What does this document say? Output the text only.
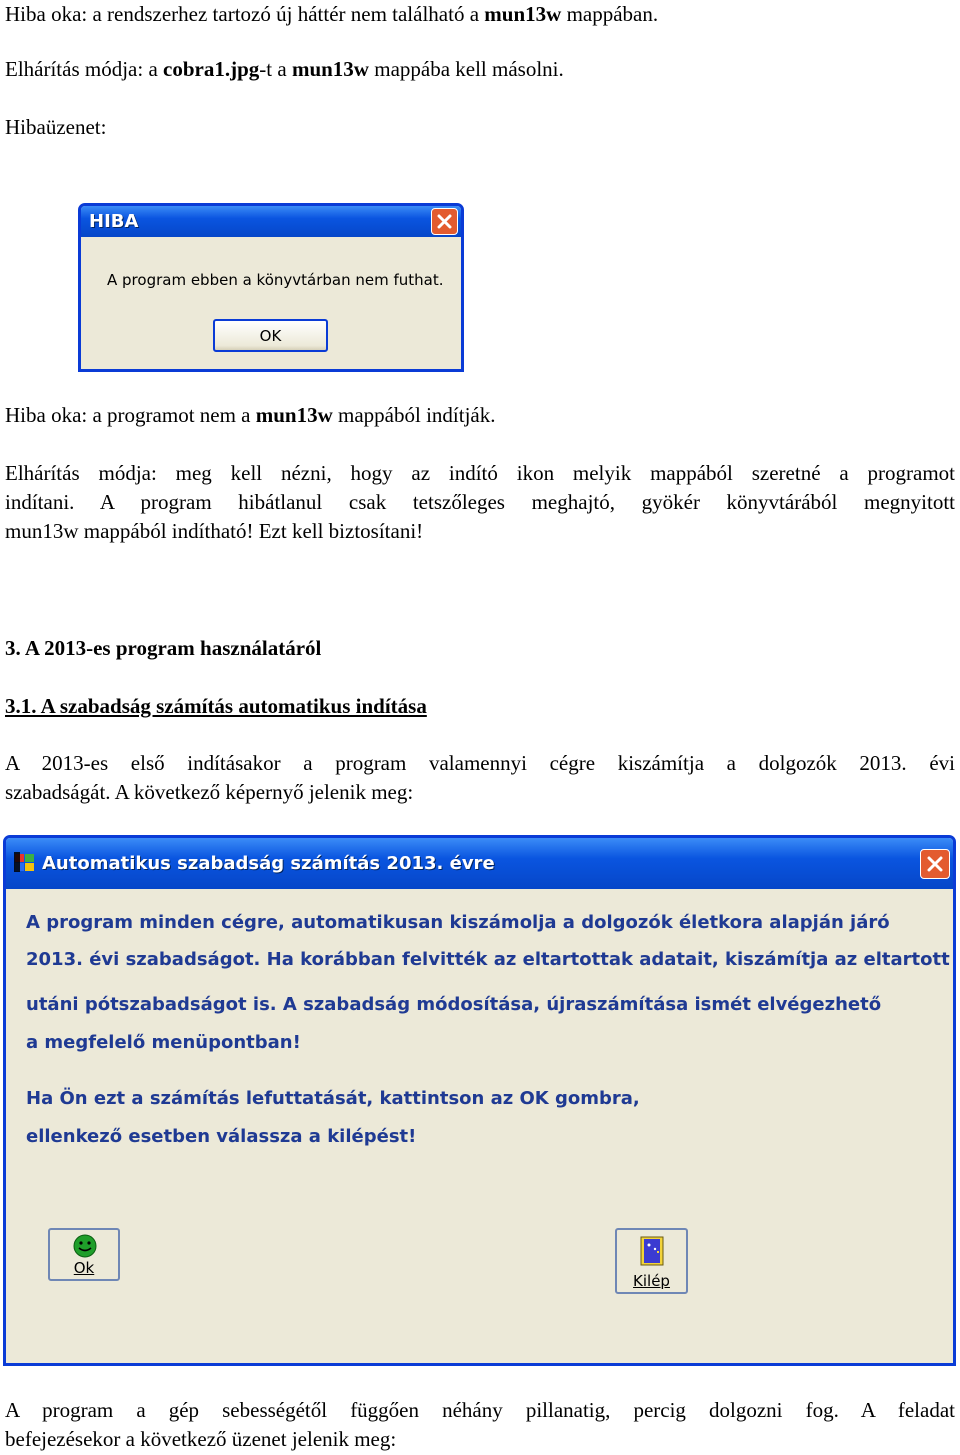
Hiba oka: a rendszerhez tartozó új háttér nem található a mun13w mappában.
Elhárítás módja: a cobra1.jpg-t a mun13w mappába kell másolni.
Hibaüzenet:
HIBA
A program ebben a könyvtárban nem futhat.
OK
Hiba oka: a programot nem a mun13w mappából indítják.
Elhárítás módja: meg kell nézni, hogy az indító ikon melyik mappából szeretné a programot
indítani. A program hibátlanul csak tetszőleges meghajtó, gyökér könyvtárából megnyitott
mun13w mappából indítható! Ezt kell biztosítani!
3. A 2013-es program használatáról
3.1. A szabadság számítás automatikus indítása
A 2013-es első indításakor a program valamennyi cégre kiszámítja a dolgozók 2013. évi
szabadságát. A következő képernyő jelenik meg:
Automatikus szabadság számítás 2013. évre
A program minden cégre, automatikusan kiszámolja a dolgozók életkora alapján járó
2013. évi szabadságot. Ha korábban felvitték az eltartottak adatait, kiszámítja az eltartott
utáni pótszabadságot is. A szabadság módosítása, újraszámítása ismét elvégezhető
a megfelelő menüpontban!
Ha Ön ezt a számítás lefuttatását, kattintson az OK gombra,
ellenkező esetben válassza a kilépést!
Ok
Kilép
A program a gép sebességétől függően néhány pillanatig, percig dolgozni fog. A feladat
befejezésekor a következő üzenet jelenik meg:
